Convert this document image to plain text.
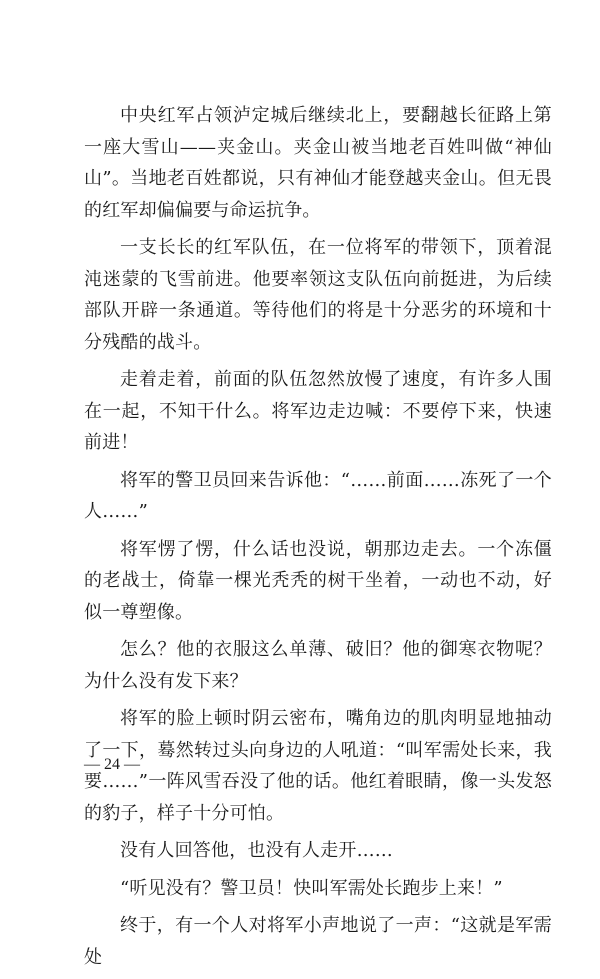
中央红军占领泸定城后继续北上，要翻越长征路上第一座大雪山——夹金山。夹金山被当地老百姓叫做“神仙山”。当地老百姓都说，只有神仙才能登越夹金山。但无畏的红军却偏偏要与命运抗争。

一支长长的红军队伍，在一位将军的带领下，顶着混沌迷蒙的飞雪前进。他要率领这支队伍向前挺进，为后续部队开辟一条通道。等待他们的将是十分恶劣的环境和十分残酷的战斗。

走着走着，前面的队伍忽然放慢了速度，有许多人围在一起，不知干什么。将军边走边喊：不要停下来，快速前进！

将军的警卫员回来告诉他：“……前面……冻死了一个人……”

将军愣了愣，什么话也没说，朝那边走去。一个冻僵的老战士，倚靠一棵光秃秃的树干坐着，一动也不动，好似一尊塑像。

怎么？他的衣服这么单薄、破旧？他的御寒衣物呢？为什么没有发下来？

将军的脸上顿时阴云密布，嘴角边的肌肉明显地抽动了一下，蓦然转过头向身边的人吼道：“叫军需处长来，我要……”一阵风雪吞没了他的话。他红着眼睛，像一头发怒的豹子，样子十分可怕。

没有人回答他，也没有人走开……

“听见没有？警卫员！快叫军需处长跑步上来！”

终于，有一个人对将军小声地说了一声：“这就是军需处

— 24 —
